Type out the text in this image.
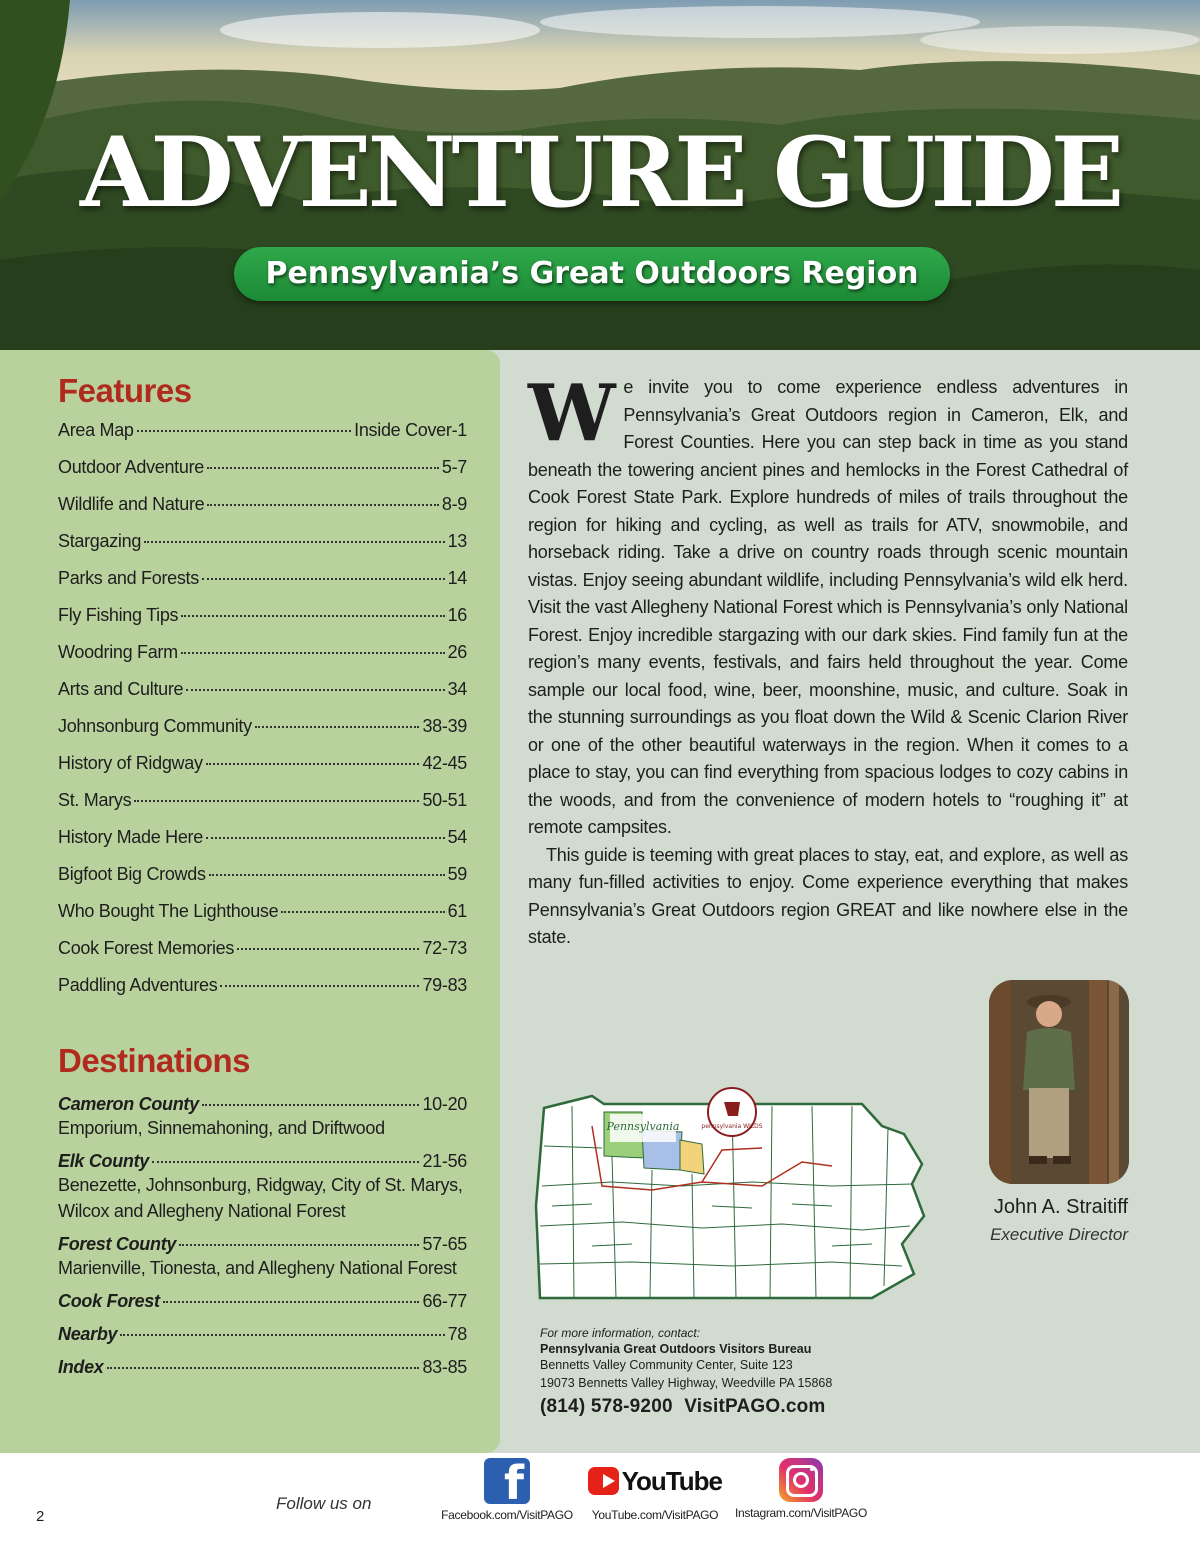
ADVENTURE GUIDE
Pennsylvania’s Great Outdoors Region
Features
Area Map	Inside Cover-1
Outdoor Adventure	5-7
Wildlife and Nature	8-9
Stargazing	13
Parks and Forests	14
Fly Fishing Tips	16
Woodring Farm	26
Arts and Culture	34
Johnsonburg Community	38-39
History of Ridgway	42-45
St. Marys	50-51
History Made Here	54
Bigfoot Big Crowds	59
Who Bought The Lighthouse	61
Cook Forest Memories	72-73
Paddling Adventures	79-83
Destinations
Cameron County	10-20
Emporium, Sinnemahoning, and Driftwood
Elk County	21-56
Benezette, Johnsonburg, Ridgway, City of St. Marys, Wilcox and Allegheny National Forest
Forest County	57-65
Marienville, Tionesta, and Allegheny National Forest
Cook Forest	66-77
Nearby	78
Index	83-85
W e invite you to come experience endless adventures in Pennsylvania’s Great Outdoors region in Cameron, Elk, and Forest Counties. Here you can step back in time as you stand beneath the towering ancient pines and hemlocks in the Forest Cathedral of Cook Forest State Park. Explore hundreds of miles of trails throughout the region for hiking and cycling, as well as trails for ATV, snowmobile, and horseback riding. Take a drive on country roads through scenic mountain vistas. Enjoy seeing abundant wildlife, including Pennsylvania’s wild elk herd. Visit the vast Allegheny National Forest which is Pennsylvania’s only National Forest. Enjoy incredible stargazing with our dark skies. Find family fun at the region’s many events, festivals, and fairs held throughout the year. Come sample our local food, wine, beer, moonshine, music, and culture. Soak in the stunning surroundings as you float down the Wild & Scenic Clarion River or one of the other beautiful waterways in the region. When it comes to a place to stay, you can find everything from spacious lodges to cozy cabins in the woods, and from the convenience of modern hotels to “roughing it” at remote campsites.

This guide is teeming with great places to stay, eat, and explore, as well as many fun-filled activities to enjoy. Come experience everything that makes Pennsylvania’s Great Outdoors region GREAT and like nowhere else in the state.

John A. Straitiff
Executive Director
Pennsylvania	pennsylvania WILDS
For more information, contact:
Pennsylvania Great Outdoors Visitors Bureau
Bennetts Valley Community Center, Suite 123
19073 Bennetts Valley Highway, Weedville PA 15868
(814) 578-9200 VisitPAGO.com
2
Follow us on	f
Facebook.com/VisitPAGO
YouTube
YouTube.com/VisitPAGO	Instagram.com/VisitPAGO
